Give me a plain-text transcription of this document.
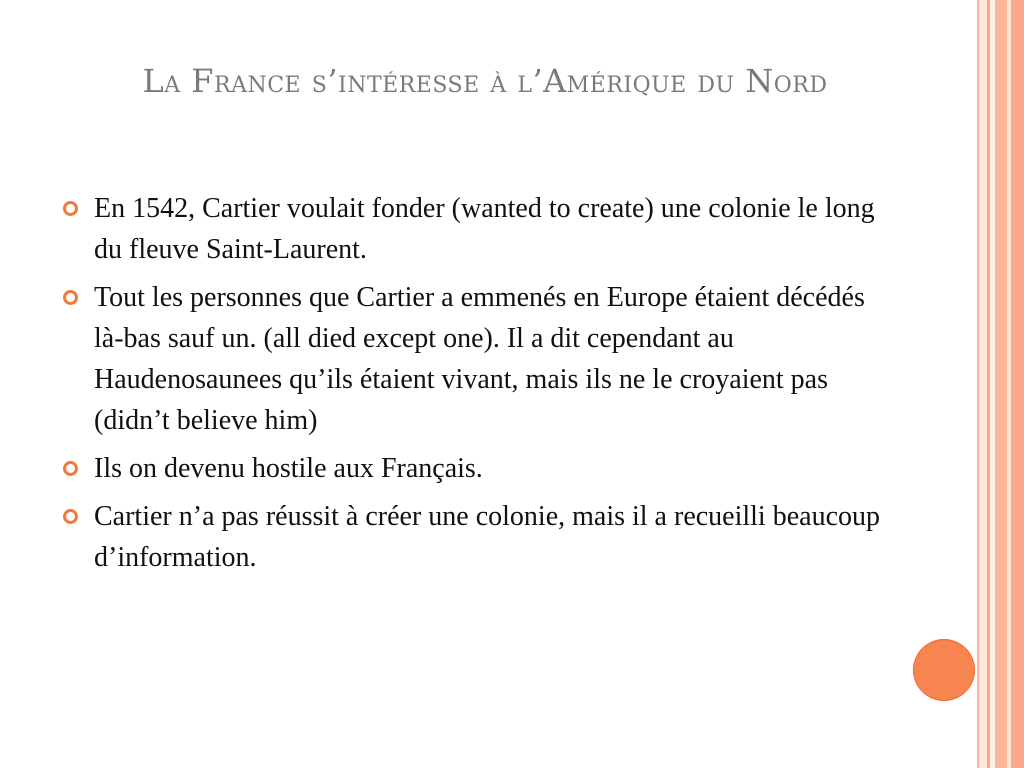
La France s’intéresse à l’Amérique du Nord
En 1542, Cartier voulait fonder (wanted to create) une colonie le long du fleuve Saint-Laurent.
Tout les personnes que Cartier a emmenés en Europe étaient décédés là-bas sauf un. (all died except one). Il a dit cependant au Haudenosaunees qu’ils étaient vivant, mais ils ne le croyaient pas (didn’t believe him)
Ils on devenu hostile aux Français.
Cartier n’a pas réussit à créer une colonie, mais il a recueilli beaucoup d’information.
